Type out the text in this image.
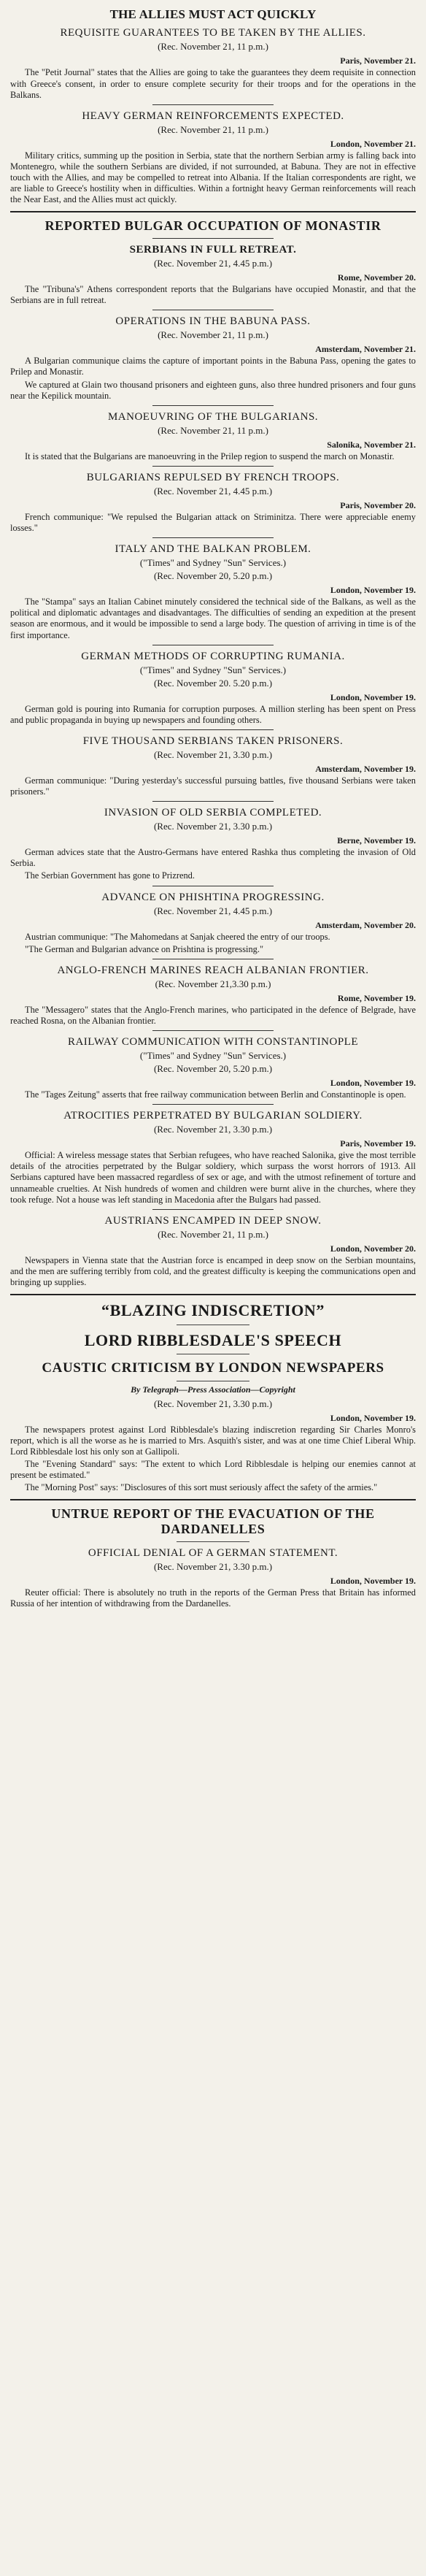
THE ALLIES MUST ACT QUICKLY
REQUISITE GUARANTEES TO BE TAKEN BY THE ALLIES.
(Rec. November 21, 11 p.m.)
Paris, November 21.

The "Petit Journal" states that the Allies are going to take the guarantees they deem requisite in connection with Greece's consent, in order to ensure complete security for their troops and for the operations in the Balkans.

HEAVY GERMAN REINFORCEMENTS EXPECTED.
(Rec. November 21, 11 p.m.)
London, November 21.

Military critics, summing up the position in Serbia, state that the northern Serbian army is falling back into Montenegro, while the southern Serbians are divided, if not surrounded, at Babuna. They are not in effective touch with the Allies, and may be compelled to retreat into Albania. If the Italian correspondents are right, we are liable to Greece's hostility when in difficulties. Within a fortnight heavy German reinforcements will reach the Near East, and the Allies must act quickly.

REPORTED BULGAR OCCUPATION OF MONASTIR
SERBIANS IN FULL RETREAT.
(Rec. November 21, 4.45 p.m.)
Rome, November 20.

The "Tribuna's" Athens correspondent reports that the Bulgarians have occupied Monastir, and that the Serbians are in full retreat.

OPERATIONS IN THE BABUNA PASS.
(Rec. November 21, 11 p.m.)
Amsterdam, November 21.

A Bulgarian communique claims the capture of important points in the Babuna Pass, opening the gates to Prilep and Monastir.

We captured at Glain two thousand prisoners and eighteen guns, also three hundred prisoners and four guns near the Kepilick mountain.

MANOEUVRING OF THE BULGARIANS.
(Rec. November 21, 11 p.m.)
Salonika, November 21.

It is stated that the Bulgarians are manoeuvring in the Prilep region to suspend the march on Monastir.

BULGARIANS REPULSED BY FRENCH TROOPS.
(Rec. November 21, 4.45 p.m.)
Paris, November 20.

French communique: "We repulsed the Bulgarian attack on Striminitza. There were appreciable enemy losses."

ITALY AND THE BALKAN PROBLEM.
("Times" and Sydney "Sun" Services.)
(Rec. November 20, 5.20 p.m.)
London, November 19.

The "Stampa" says an Italian Cabinet minutely considered the technical side of the Balkans, as well as the political and diplomatic advantages and disadvantages. The difficulties of sending an expedition at the present season are enormous, and it would be impossible to send a large body. The question of arriving in time is of the first importance.

GERMAN METHODS OF CORRUPTING RUMANIA.
("Times" and Sydney "Sun" Services.)
(Rec. November 20. 5.20 p.m.)
London, November 19.

German gold is pouring into Rumania for corruption purposes. A million sterling has been spent on Press and public propaganda in buying up newspapers and founding others.

FIVE THOUSAND SERBIANS TAKEN PRISONERS.
(Rec. November 21, 3.30 p.m.)
Amsterdam, November 19.

German communique: "During yesterday's successful pursuing battles, five thousand Serbians were taken prisoners."

INVASION OF OLD SERBIA COMPLETED.
(Rec. November 21, 3.30 p.m.)
Berne, November 19.

German advices state that the Austro-Germans have entered Rashka thus completing the invasion of Old Serbia.

The Serbian Government has gone to Prizrend.

ADVANCE ON PHISHTINA PROGRESSING.
(Rec. November 21, 4.45 p.m.)
Amsterdam, November 20.

Austrian communique: "The Mahomedans at Sanjak cheered the entry of our troops.

"The German and Bulgarian advance on Prishtina is progressing."

ANGLO-FRENCH MARINES REACH ALBANIAN FRONTIER.
(Rec. November 21,3.30 p.m.)
Rome, November 19.

The "Messagero" states that the Anglo-French marines, who participated in the defence of Belgrade, have reached Rosna, on the Albanian frontier.

RAILWAY COMMUNICATION WITH CONSTANTINOPLE
("Times" and Sydney "Sun" Services.)
(Rec. November 20, 5.20 p.m.)
London, November 19.

The "Tages Zeitung" asserts that free railway communication between Berlin and Constantinople is open.

ATROCITIES PERPETRATED BY BULGARIAN SOLDIERY.
(Rec. November 21, 3.30 p.m.)
Paris, November 19.

Official: A wireless message states that Serbian refugees, who have reached Salonika, give the most terrible details of the atrocities perpetrated by the Bulgar soldiery, which surpass the worst horrors of 1913. All Serbians captured have been massacred regardless of sex or age, and with the utmost refinement of torture and unnameable cruelties. At Nish hundreds of women and children were burnt alive in the churches, where they took refuge. Not a house was left standing in Macedonia after the Bulgars had passed.

AUSTRIANS ENCAMPED IN DEEP SNOW.
(Rec. November 21, 11 p.m.)
London, November 20.

Newspapers in Vienna state that the Austrian force is encamped in deep snow on the Serbian mountains, and the men are suffering terribly from cold, and the greatest difficulty is keeping the communications open and bringing up supplies.

“BLAZING INDISCRETION”
LORD RIBBLESDALE'S SPEECH
CAUSTIC CRITICISM BY LONDON NEWSPAPERS
By Telegraph—Press Association—Copyright
(Rec. November 21, 3.30 p.m.)
London, November 19.

The newspapers protest against Lord Ribblesdale's blazing indiscretion regarding Sir Charles Monro's report, which is all the worse as he is married to Mrs. Asquith's sister, and was at one time Chief Liberal Whip. Lord Ribblesdale lost his only son at Gallipoli.

The "Evening Standard" says: "The extent to which Lord Ribblesdale is helping our enemies cannot at present be estimated."

The "Morning Post" says: "Disclosures of this sort must seriously affect the safety of the armies."

UNTRUE REPORT OF THE EVACUATION OF THE DARDANELLES
OFFICIAL DENIAL OF A GERMAN STATEMENT.
(Rec. November 21, 3.30 p.m.)
London, November 19.

Reuter official: There is absolutely no truth in the reports of the German Press that Britain has informed Russia of her intention of withdrawing from the Dardanelles.
